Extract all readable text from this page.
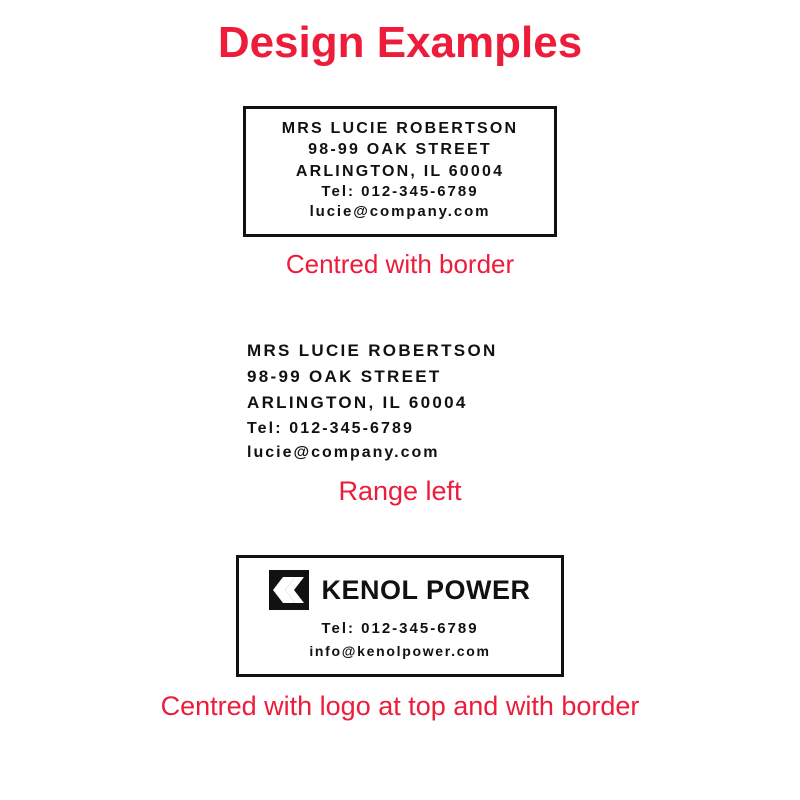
Design Examples
MRS LUCIE ROBERTSON
98-99 OAK STREET
ARLINGTON, IL 60004
Tel: 012-345-6789
lucie@company.com
Centred with border
MRS LUCIE ROBERTSON
98-99 OAK STREET
ARLINGTON, IL 60004
Tel: 012-345-6789
lucie@company.com
Range left
KENOL POWER
Tel: 012-345-6789
info@kenolpower.com
Centred with logo at top and with border
